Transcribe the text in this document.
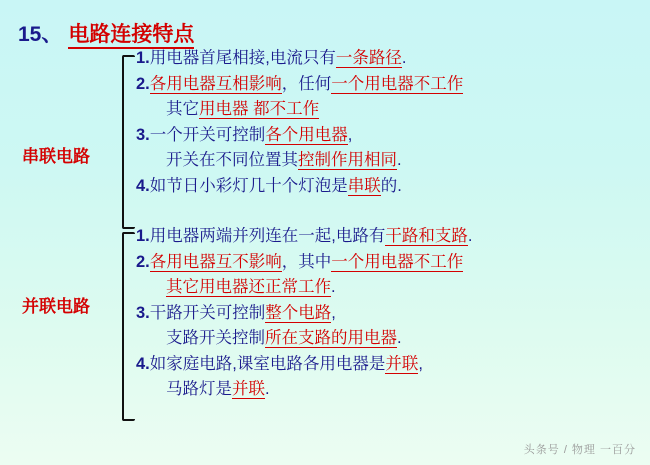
15、 电路连接特点
串联电路
并联电路
1.用电器首尾相接,电流只有一条路径.
2.各用电器互相影响，任何一个用电器不工作
其它用电器 都不工作
3.一个开关可控制各个用电器,
开关在不同位置其控制作用相同.
4.如节日小彩灯几十个灯泡是串联的.
1.用电器两端并列连在一起,电路有干路和支路.
2.各用电器互不影响，其中一个用电器不工作
其它用电器还正常工作.
3.干路开关可控制整个电路,
支路开关控制所在支路的用电器.
4.如家庭电路,课室电路各用电器是并联,
马路灯是并联.
头条号 / 物理 一百分
